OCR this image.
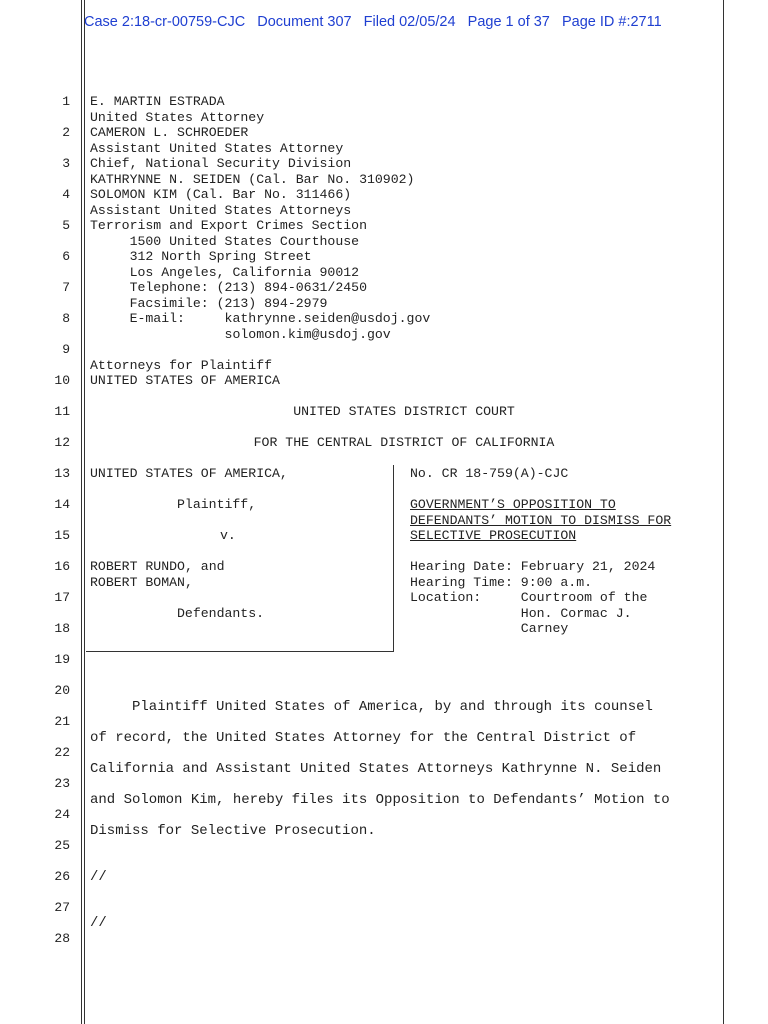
Case 2:18-cr-00759-CJC   Document 307   Filed 02/05/24   Page 1 of 37   Page ID #:2711
1
2
3
4
5
6
7
8
9
10
11
12
13
14
15
16
17
18
19
20
21
22
23
24
25
26
27
28
E. MARTIN ESTRADA
United States Attorney
CAMERON L. SCHROEDER
Assistant United States Attorney
Chief, National Security Division
KATHRYNNE N. SEIDEN (Cal. Bar No. 310902)
SOLOMON KIM (Cal. Bar No. 311466)
Assistant United States Attorneys
Terrorism and Export Crimes Section
1500 United States Courthouse
312 North Spring Street
Los Angeles, California 90012
Telephone: (213) 894-0631/2450
Facsimile: (213) 894-2979
E-mail:     kathrynne.seiden@usdoj.gov
solomon.kim@usdoj.gov
Attorneys for Plaintiff
UNITED STATES OF AMERICA
UNITED STATES DISTRICT COURT
FOR THE CENTRAL DISTRICT OF CALIFORNIA
UNITED STATES OF AMERICA,
Plaintiff,
v.
ROBERT RUNDO, and
ROBERT BOMAN,
Defendants.
No. CR 18-759(A)-CJC
GOVERNMENT’S OPPOSITION TO
DEFENDANTS’ MOTION TO DISMISS FOR
SELECTIVE PROSECUTION
Hearing Date: February 21, 2024
Hearing Time: 9:00 a.m.
Location:     Courtroom of the
Hon. Cormac J.
Carney
Plaintiff United States of America, by and through its counsel
of record, the United States Attorney for the Central District of
California and Assistant United States Attorneys Kathrynne N. Seiden
and Solomon Kim, hereby files its Opposition to Defendants’ Motion to
Dismiss for Selective Prosecution.
//
//
